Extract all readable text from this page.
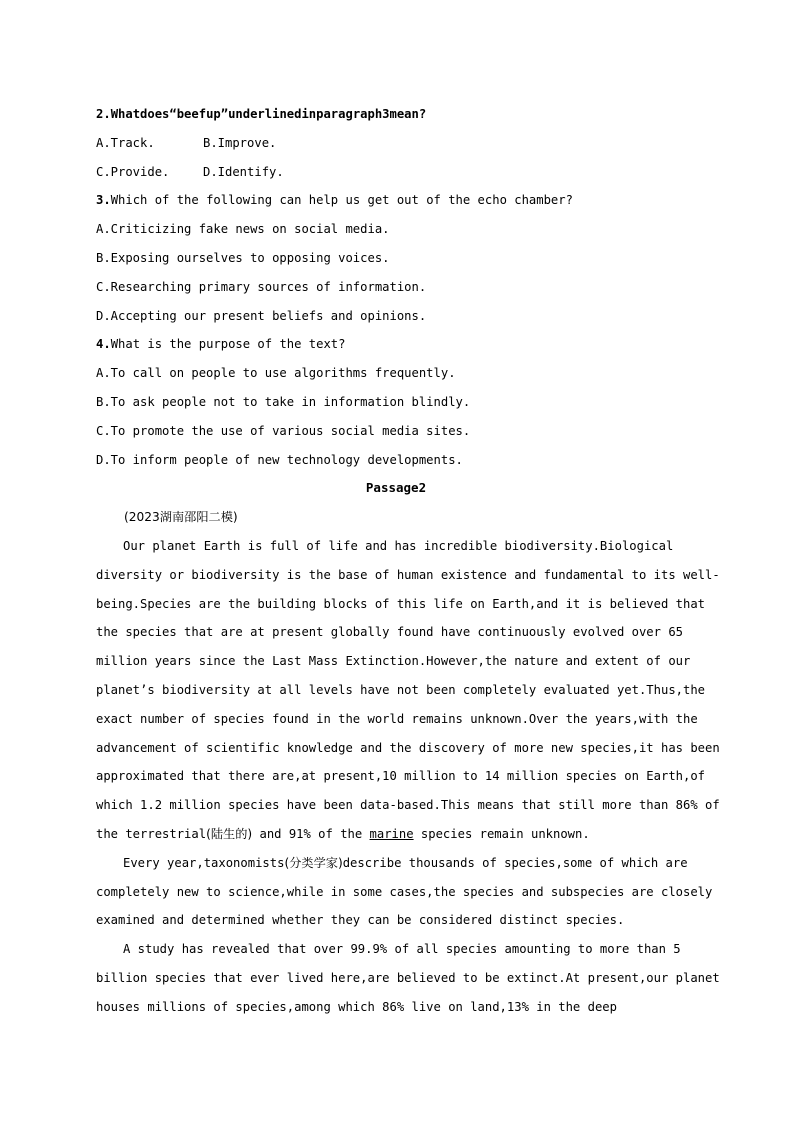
2.Whatdoes“beefup”underlinedinparagraph3mean?
A.Track.	B.Improve.
C.Provide.	D.Identify.
3.Which of the following can help us get out of the echo chamber?
A.Criticizing fake news on social media.
B.Exposing ourselves to opposing voices.
C.Researching primary sources of information.
D.Accepting our present beliefs and opinions.
4.What is the purpose of the text?
A.To call on people to use algorithms frequently.
B.To ask people not to take in information blindly.
C.To promote the use of various social media sites.
D.To inform people of new technology developments.
Passage2
(2023湖南邵阳二模)
Our planet Earth is full of life and has incredible biodiversity.Biological
diversity or biodiversity is the base of human existence and fundamental to its well-
being.Species are the building blocks of this life on Earth,and it is believed that
the species that are at present globally found have continuously evolved over 65
million years since the Last Mass Extinction.However,the nature and extent of our
planet’s biodiversity at all levels have not been completely evaluated yet.Thus,the
exact number of species found in the world remains unknown.Over the years,with the
advancement of scientific knowledge and the discovery of more new species,it has been
approximated that there are,at present,10 million to 14 million species on Earth,of
which 1.2 million species have been data-based.This means that still more than 86% of
the terrestrial(陆生的) and 91% of the marine species remain unknown.
Every year,taxonomists(分类学家)describe thousands of species,some of which are
completely new to science,while in some cases,the species and subspecies are closely
examined and determined whether they can be considered distinct species.
A study has revealed that over 99.9% of all species amounting to more than 5
billion species that ever lived here,are believed to be extinct.At present,our planet
houses millions of species,among which 86% live on land,13% in the deep
